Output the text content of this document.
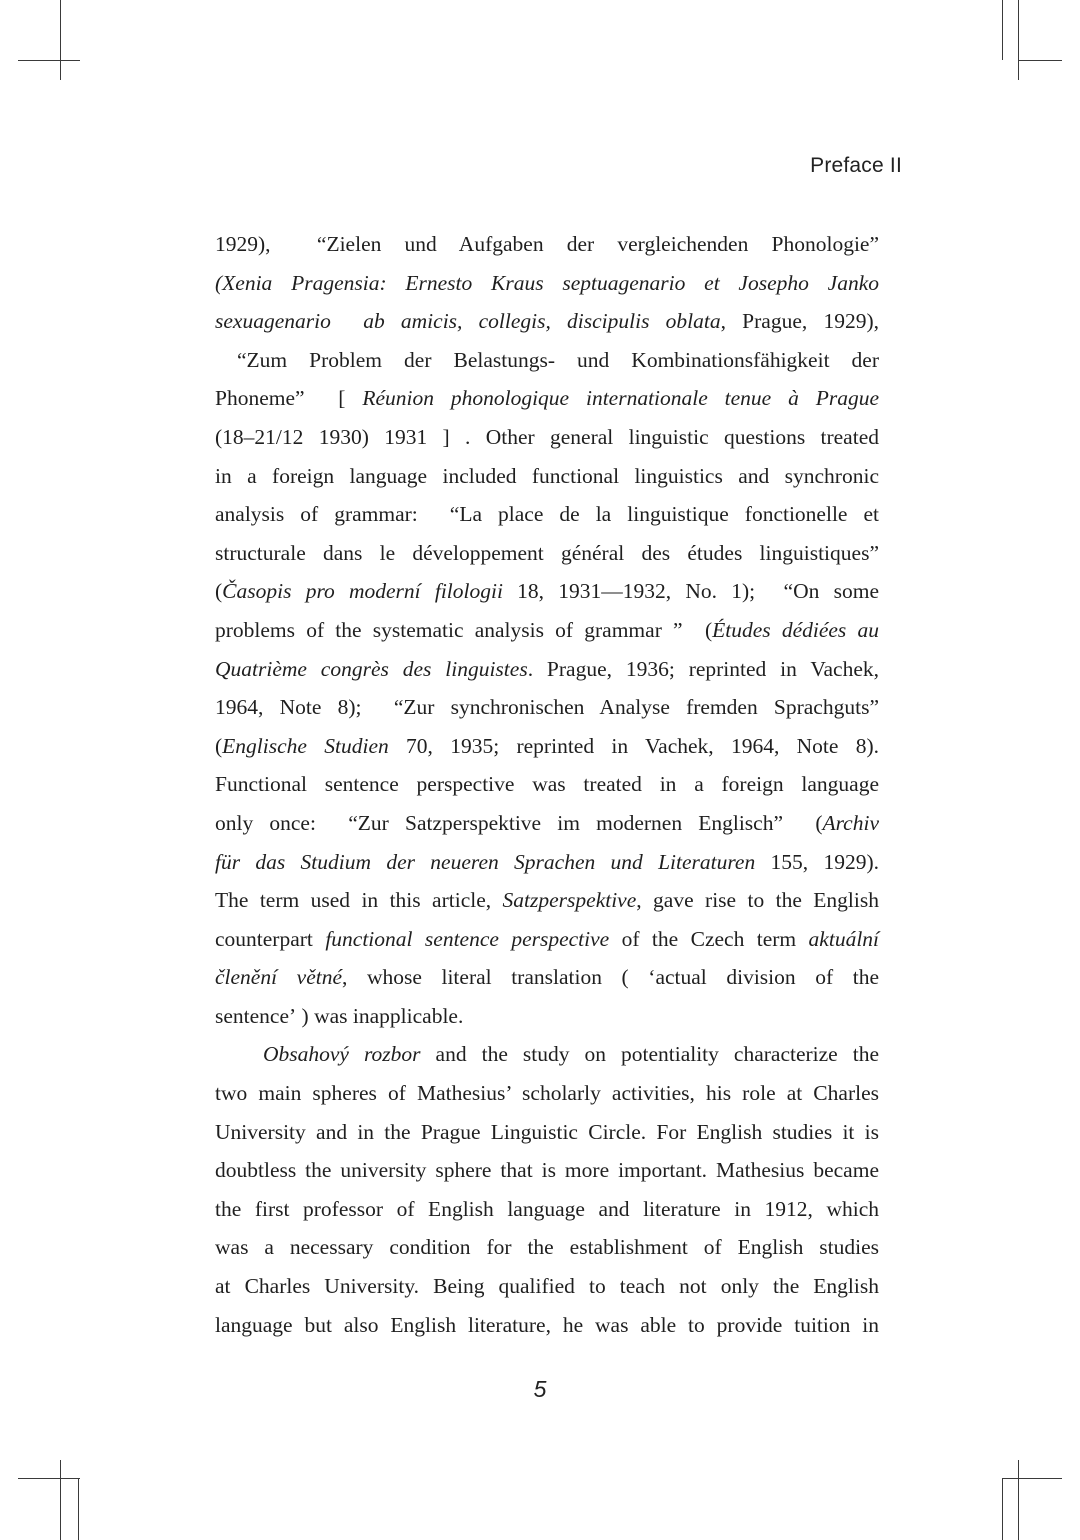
Preface II
1929),  “Zielen und Aufgaben der vergleichenden Phonologie”
(Xenia Pragensia: Ernesto Kraus septuagenario et Josepho Janko
sexuagenario  ab amicis, collegis, discipulis oblata, Prague, 1929),
“Zum Problem der Belastungs- und Kombinationsfähigkeit der
Phoneme”  [ Réunion phonologique internationale tenue à Prague
(18–21/12 1930) 1931 ] . Other general linguistic questions treated
in a foreign language included functional linguistics and synchronic
analysis of grammar:  “La place de la linguistique fonctionelle et
structurale dans le développement général des études linguistiques”
(Časopis pro moderní filologii 18, 1931—1932, No. 1);  “On some
problems of the systematic analysis of grammar ”  (Études dédiées au
Quatrième congrès des linguistes. Prague, 1936; reprinted in Vachek,
1964, Note 8);  “Zur synchronischen Analyse fremden Sprachguts”
(Englische Studien 70, 1935; reprinted in Vachek, 1964, Note 8).
Functional sentence perspective was treated in a foreign language
only once:  “Zur Satzperspektive im modernen Englisch”  (Archiv
für das Studium der neueren Sprachen und Literaturen 155, 1929).
The term used in this article, Satzperspektive, gave rise to the English
counterpart functional sentence perspective of the Czech term aktuální
členění větné, whose literal translation ( ‘actual division of the
sentence’ ) was inapplicable.
Obsahový rozbor and the study on potentiality characterize the
two main spheres of Mathesius’ scholarly activities, his role at Charles
University and in the Prague Linguistic Circle. For English studies it is
doubtless the university sphere that is more important. Mathesius became
the first professor of English language and literature in 1912, which
was a necessary condition for the establishment of English studies
at Charles University. Being qualified to teach not only the English
language but also English literature, he was able to provide tuition in
5
